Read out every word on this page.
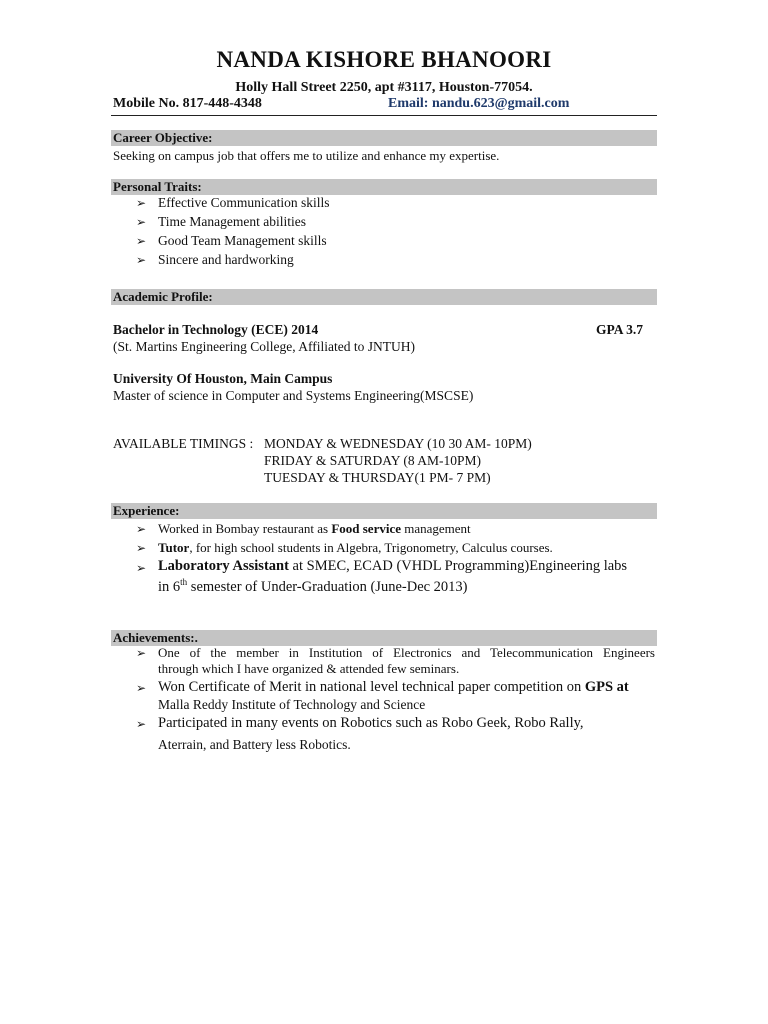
NANDA KISHORE BHANOORI
Holly Hall Street 2250, apt #3117, Houston-77054.
Mobile No. 817-448-4348	Email: nandu.623@gmail.com
Career Objective:
Seeking on campus job that offers me to utilize and enhance my expertise.
Personal Traits:
➢ Effective Communication skills
➢ Time Management abilities
➢ Good Team Management skills
➢ Sincere and hardworking
Academic Profile:
Bachelor in Technology (ECE) 2014	GPA 3.7
(St. Martins Engineering College, Affiliated to JNTUH)
University Of Houston, Main Campus
Master of science in Computer and Systems Engineering(MSCSE)
AVAILABLE TIMINGS : MONDAY & WEDNESDAY (10 30 AM- 10PM)
FRIDAY & SATURDAY (8 AM-10PM)
TUESDAY & THURSDAY(1 PM- 7 PM)
Experience:
➢ Worked in Bombay restaurant as Food service management
➢ Tutor, for high school students in Algebra, Trigonometry, Calculus courses.
➢ Laboratory Assistant at SMEC, ECAD (VHDL Programming)Engineering labs
in 6th semester of Under-Graduation (June-Dec 2013)
Achievements:.
➢ One of the member in Institution of Electronics and Telecommunication Engineers
through which I have organized & attended few seminars.
➢ Won Certificate of Merit in national level technical paper competition on GPS at
Malla Reddy Institute of Technology and Science
➢ Participated in many events on Robotics such as Robo Geek, Robo Rally,
Aterrain, and Battery less Robotics.
